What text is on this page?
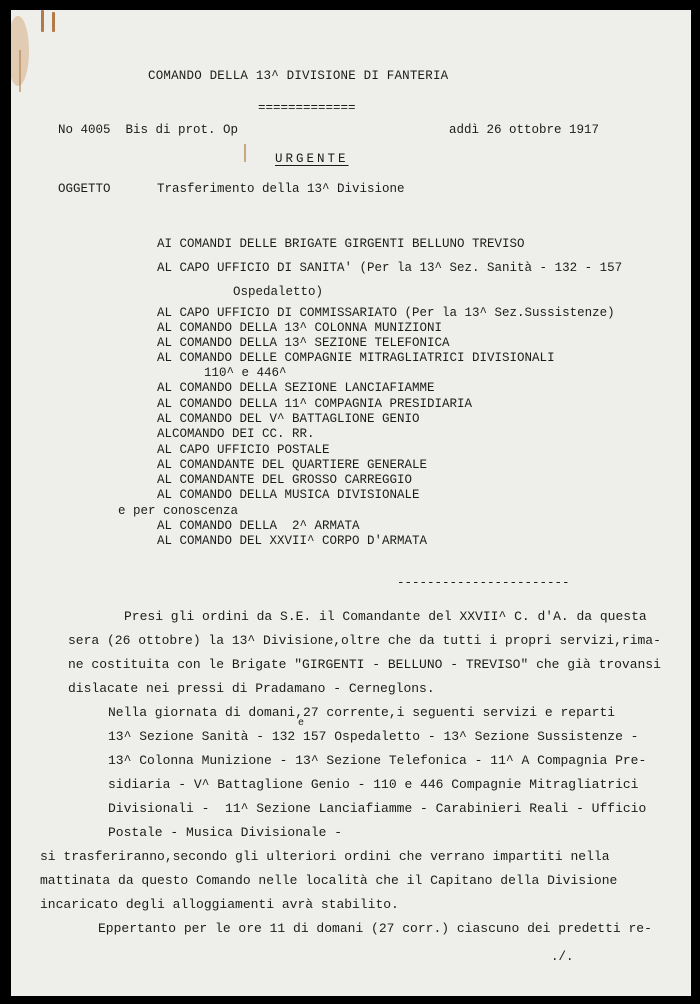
COMANDO DELLA 13^ DIVISIONE DI FANTERIA
=============
No 4005  Bis di prot. Op	addì 26 ottobre 1917
URGENTE
OGGETTO	Trasferimento della 13^ Divisione
AI COMANDI DELLE BRIGATE GIRGENTI BELLUNO TREVISO
AL CAPO UFFICIO DI SANITA' (Per la 13^ Sez. Sanità - 132 - 157
Ospedaletto)
AL CAPO UFFICIO DI COMMISSARIATO (Per la 13^ Sez.Sussistenze)
AL COMANDO DELLA 13^ COLONNA MUNIZIONI
AL COMANDO DELLA 13^ SEZIONE TELEFONICA
AL COMANDO DELLE COMPAGNIE MITRAGLIATRICI DIVISIONALI
110^ e 446^
AL COMANDO DELLA SEZIONE LANCIAFIAMME
AL COMANDO DELLA 11^ COMPAGNIA PRESIDIARIA
AL COMANDO DEL V^ BATTAGLIONE GENIO
ALCOMANDO DEI CC. RR.
AL CAPO UFFICIO POSTALE
AL COMANDANTE DEL QUARTIERE GENERALE
AL COMANDANTE DEL GROSSO CARREGGIO
AL COMANDO DELLA MUSICA DIVISIONALE
e per conoscenza
AL COMANDO DELLA  2^ ARMATA
AL COMANDO DEL XXVII^ CORPO D'ARMATA
-----------------------
Presi gli ordini da S.E. il Comandante del XXVII^ C. d'A. da questa
sera (26 ottobre) la 13^ Divisione,oltre che da tutti i propri servizi,rima-
ne costituita con le Brigate "GIRGENTI - BELLUNO - TREVISO" che già trovansi
dislacate nei pressi di Pradamano - Cerneglons.
Nella giornata di domani,27 corrente,i seguenti servizi e reparti
13^ Sezione Sanità - 132 157 Ospedaletto - 13^ Sezione Sussistenze -
e
13^ Colonna Munizione - 13^ Sezione Telefonica - 11^ A Compagnia Pre-
sidiaria - V^ Battaglione Genio - 110 e 446 Compagnie Mitragliatrici
Divisionali -  11^ Sezione Lanciafiamme - Carabinieri Reali - Ufficio
Postale - Musica Divisionale -
si trasferiranno,secondo gli ulteriori ordini che verrano impartiti nella
mattinata da questo Comando nelle località che il Capitano della Divisione
incaricato degli alloggiamenti avrà stabilito.
Eppertanto per le ore 11 di domani (27 corr.) ciascuno dei predetti re-
./.
